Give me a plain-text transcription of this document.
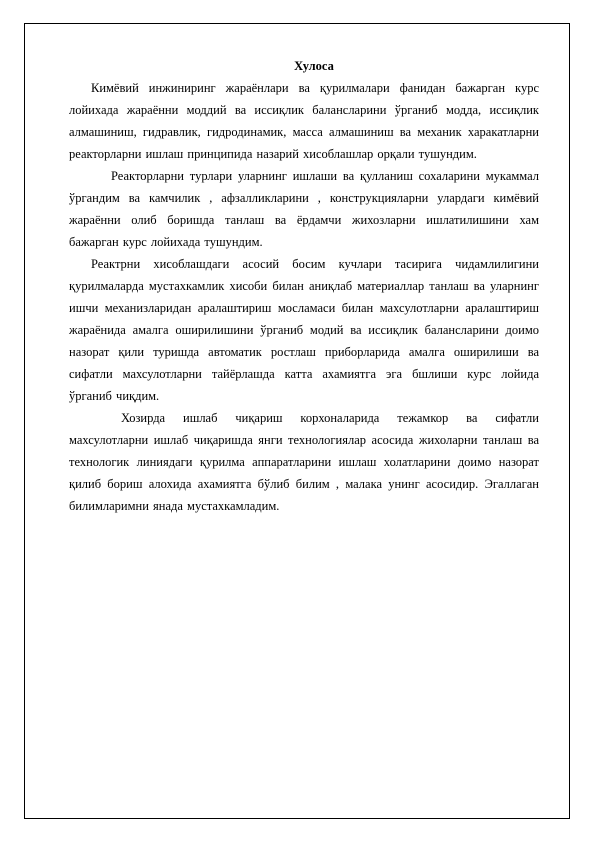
Хулоса

Кимёвий инжиниринг жараёнлари ва қурилмалари фанидан бажарган курс лойихада жараённи моддий ва иссиқлик балансларини ўрганиб модда, иссиқлик алмашиниш, гидравлик, гидродинамик, масса алмашиниш ва механик харакатларни реакторларни ишлаш принципида назарий хисоблашлар орқали тушундим.

Реакторларни турлари уларнинг ишлаши ва қулланиш сохаларини мукаммал ўргандим ва камчилик , афзалликларини , конструкцияларни улардаги кимёвий жараённи олиб боришда танлаш ва ёрдамчи жихозларни ишлатилишини хам бажарган курс лойихада тушундим.

Реактрни хисоблашдаги асосий босим кучлари тасирига чидамлилигини қурилмаларда мустахкамлик хисоби билан аниқлаб материаллар танлаш ва уларнинг ишчи механизларидан аралаштириш мосламаси билан махсулотларни аралаштириш жараёнида амалга оширилишини ўрганиб модий ва иссиқлик балансларини доимо назорат қили туришда автоматик ростлаш приборларида амалга оширилиши ва сифатли махсулотларни тайёрлашда катта ахамиятга эга бшлиши курс лойида ўрганиб чиқдим.

Хозирда ишлаб чиқариш корхоналарида тежамкор ва сифатли махсулотларни ишлаб чиқаришда янги технологиялар асосида жихоларни танлаш ва технологик линиядаги қурилма аппаратларини ишлаш холатларини доимо назорат қилиб бориш алохида ахамиятга бўлиб билим , малака унинг асосидир. Эгаллаган билимларимни янада мустахкамладим.
